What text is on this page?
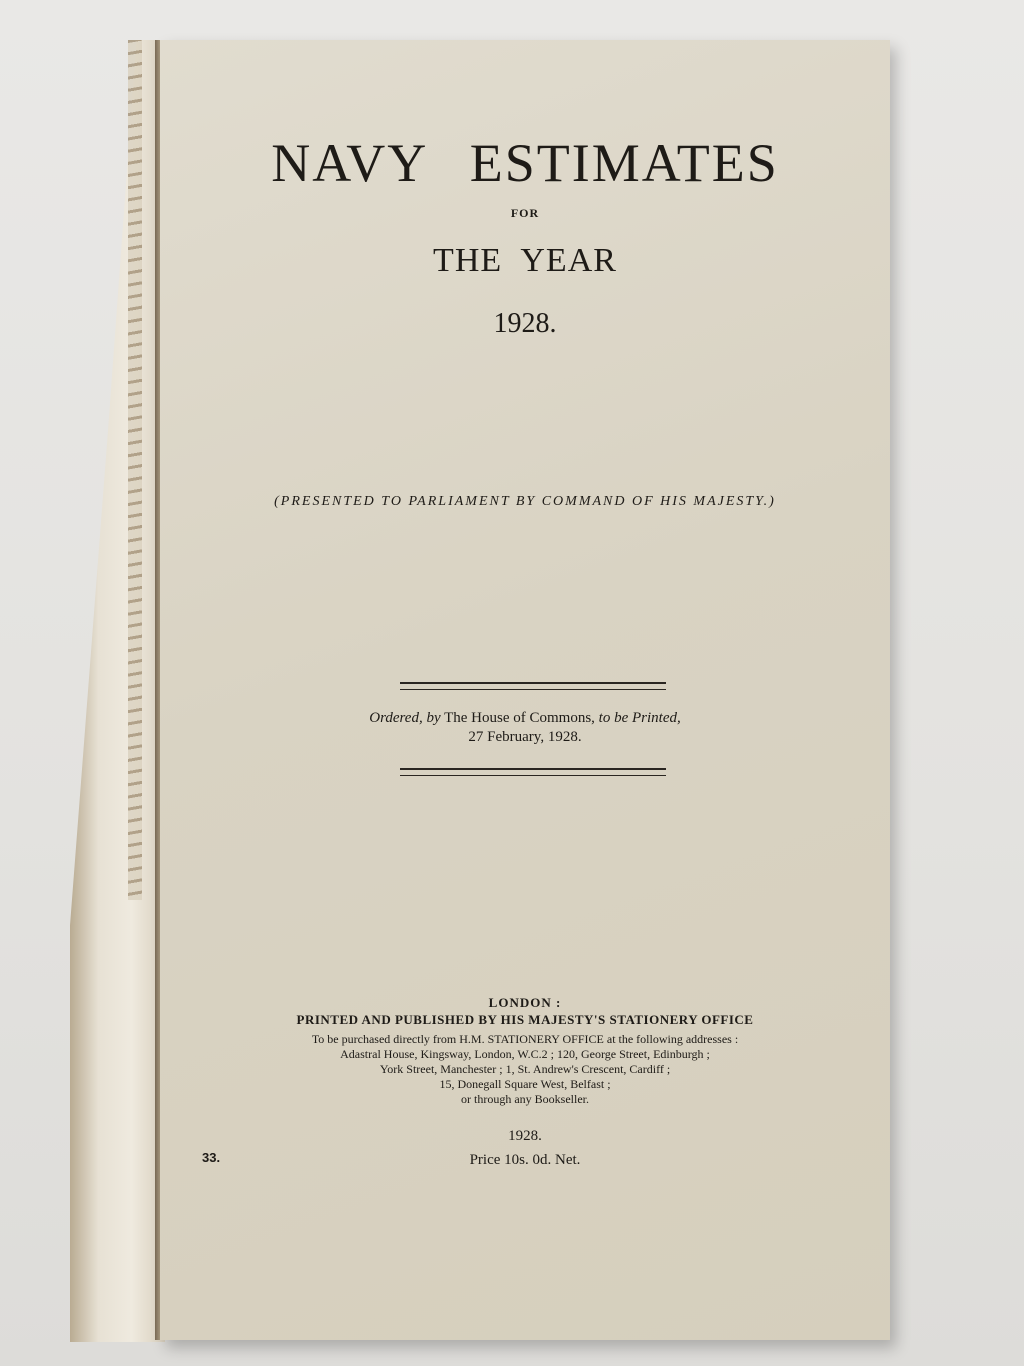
NAVY ESTIMATES
FOR
THE YEAR
1928.
(PRESENTED TO PARLIAMENT BY COMMAND OF HIS MAJESTY.)
Ordered, by The House of Commons, to be Printed,
27 February, 1928.
LONDON :
PRINTED AND PUBLISHED BY HIS MAJESTY'S STATIONERY OFFICE
To be purchased directly from H.M. STATIONERY OFFICE at the following addresses :
Adastral House, Kingsway, London, W.C.2 ; 120, George Street, Edinburgh ;
York Street, Manchester ; 1, St. Andrew's Crescent, Cardiff ;
15, Donegall Square West, Belfast ;
or through any Bookseller.
1928.
Price 10s. 0d. Net.
33.
